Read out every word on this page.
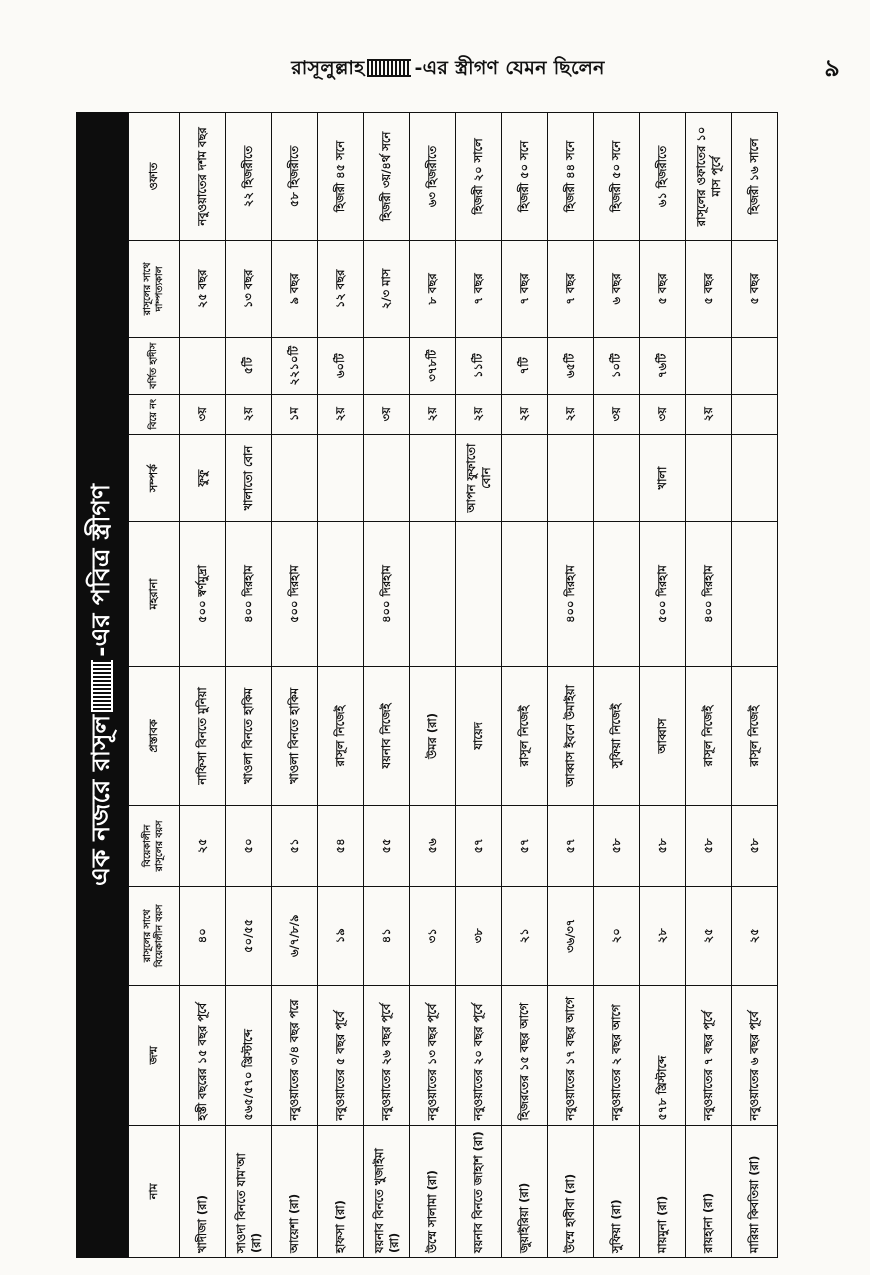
রাসূলুল্লাহ	-এর স্ত্রীগণ যেমন ছিলেন	৯
এক নজরে রাসূল
-এর পবিত্র স্ত্রীগণ
নাম	জন্ম	রাসূলের সাথে বিয়েকালীন বয়স	বিয়েকালীন রাসূলের বয়স	প্রস্তাবক	মহরানা	সম্পর্ক	বিয়ে নং	বর্ণিত হাদীস	রাসূলের সাথে দাম্পত্যকাল	ওফাত
খাদীজা (রা)	হস্তী বছরের ১৫ বছর পূর্বে	৪০	২৫	নাফিসা বিনতে মুনিয়া	৫০০ স্বর্ণমুদ্রা	ফুফু	৩য়		২৫ বছর	নবুওয়াতের দশম বছর
সাওদা বিনতে যাম'আ (রা)	৫৬৫/৫৭০ খ্রিস্টাব্দে	৫০/৫৫	৫০	খাওলা বিনতে হাকিম	৪০০ দিরহাম	খালাতো বোন	২য়	৫টি	১৩ বছর	২২ হিজরীতে
আয়েশা (রা)	নবুওয়াতের ৩/৪ বছর পরে	৬/৭/৮/৯	৫১	খাওলা বিনতে হাকিম	৫০০ দিরহাম		১ম	২২১০টি	৯ বছর	৫৮ হিজরীতে
হাফসা (রা)	নবুওয়াতের ৫ বছর পূর্বে	১৯	৫৪	রাসূল নিজেই			২য়	৬০টি	১২ বছর	হিজরী ৪৫ সনে
যয়নাব বিনতে খুজাইমা (রা)	নবুওয়াতের ২৬ বছর পূর্বে	৪১	৫৫	যয়নাব নিজেই	৪০০ দিরহাম		৩য়		২/৩ মাস	হিজরী ৩য়/৪র্থ সনে
উম্মে সালামা (রা)	নবুওয়াতের ১৩ বছর পূর্বে	৩১	৫৬	উমর (রা)			২য়	৩৭৮টি	৮ বছর	৬৩ হিজরীতে
যয়নাব বিনতে জাহাশ (রা)	নবুওয়াতের ২০ বছর পূর্বে	৩৮	৫৭	যায়েদ		আপন ফুফাতো বোন	২য়	১১টি	৭ বছর	হিজরী ২০ সালে
জুয়াইরিয়া (রা)	হিজরতের ১৫ বছর আগে	২১	৫৭	রাসূল নিজেই			২য়	৭টি	৭ বছর	হিজরী ৫০ সনে
উম্মে হাবীবা (রা)	নবুওয়াতের ১৭ বছর আগে	৩৬/৩৭	৫৭	আব্বাস ইবনে উমাইয়া	৪০০ দিরহাম		২য়	৬৫টি	৭ বছর	হিজরী ৪৪ সনে
সুফিয়া (রা)	নবুওয়াতের ২ বছর আগে	২০	৫৮	সুফিয়া নিজেই			৩য়	১০টি	৬ বছর	হিজরী ৫০ সনে
মায়মুনা (রা)	৫৭৮ খ্রিস্টাব্দে	২৮	৫৮	আব্বাস	৫০০ দিরহাম	খালা	৩য়	৭৬টি	৫ বছর	৬১ হিজরীতে
রায়হানা (রা)	নবুওয়াতের ৭ বছর পূর্বে	২৫	৫৮	রাসূল নিজেই	৪০০ দিরহাম		২য়		৫ বছর	রাসূলের ওফাতের ১০ মাস পূর্বে
মারিয়া কিবতিয়া (রা)	নবুওয়াতের ৬ বছর পূর্বে	২৫	৫৮	রাসূল নিজেই					৫ বছর	হিজরী ১৬ সালে
